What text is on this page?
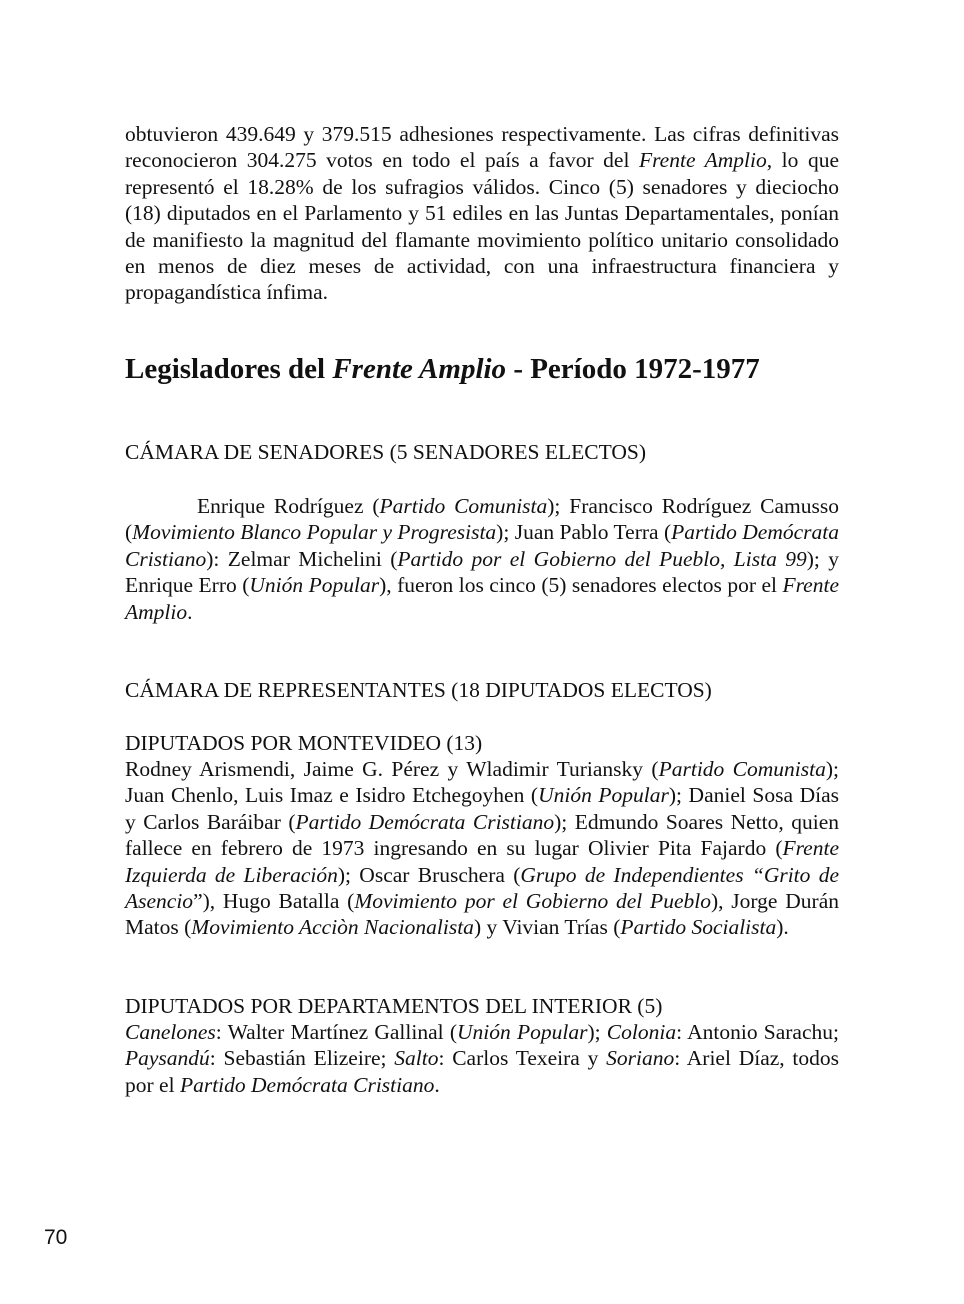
obtuvieron 439.649 y 379.515 adhesiones respectivamente. Las cifras definitivas reconocieron 304.275 votos en todo el país a favor del Frente Amplio, lo que representó el 18.28% de los sufragios válidos. Cinco (5) senadores y dieciocho (18) diputados en el Parlamento y 51 ediles en las Juntas Departamentales, ponían de manifiesto la magnitud del flamante movimiento político unitario consolidado en menos de diez meses de actividad, con una infraestructura financiera y propagandística ínfima.

Legisladores del Frente Amplio - Período 1972-1977

CÁMARA DE SENADORES (5 SENADORES ELECTOS)

Enrique Rodríguez (Partido Comunista); Francisco Rodríguez Camusso (Movimiento Blanco Popular y Progresista); Juan Pablo Terra (Partido Demócrata Cristiano): Zelmar Michelini (Partido por el Gobierno del Pueblo, Lista 99); y Enrique Erro (Unión Popular), fueron los cinco (5) senadores electos por el Frente Amplio.

CÁMARA DE REPRESENTANTES (18 DIPUTADOS ELECTOS)

DIPUTADOS POR MONTEVIDEO (13)

Rodney Arismendi, Jaime G. Pérez y Wladimir Turiansky (Partido Comunista); Juan Chenlo, Luis Imaz e Isidro Etchegoyhen (Unión Popular); Daniel Sosa Días y Carlos Baráibar (Partido Demócrata Cristiano); Edmundo Soares Netto, quien fallece en febrero de 1973 ingresando en su lugar Olivier Pita Fajardo (Frente Izquierda de Liberación); Oscar Bruschera (Grupo de Independientes “Grito de Asencio”), Hugo Batalla (Movimiento por el Gobierno del Pueblo), Jorge Durán Matos (Movimiento Acciòn Nacionalista) y Vivian Trías (Partido Socialista).

DIPUTADOS POR DEPARTAMENTOS DEL INTERIOR (5)

Canelones: Walter Martínez Gallinal (Unión Popular); Colonia: Antonio Sarachu; Paysandú: Sebastián Elizeire; Salto: Carlos Texeira y Soriano: Ariel Díaz, todos por el Partido Demócrata Cristiano.

70
